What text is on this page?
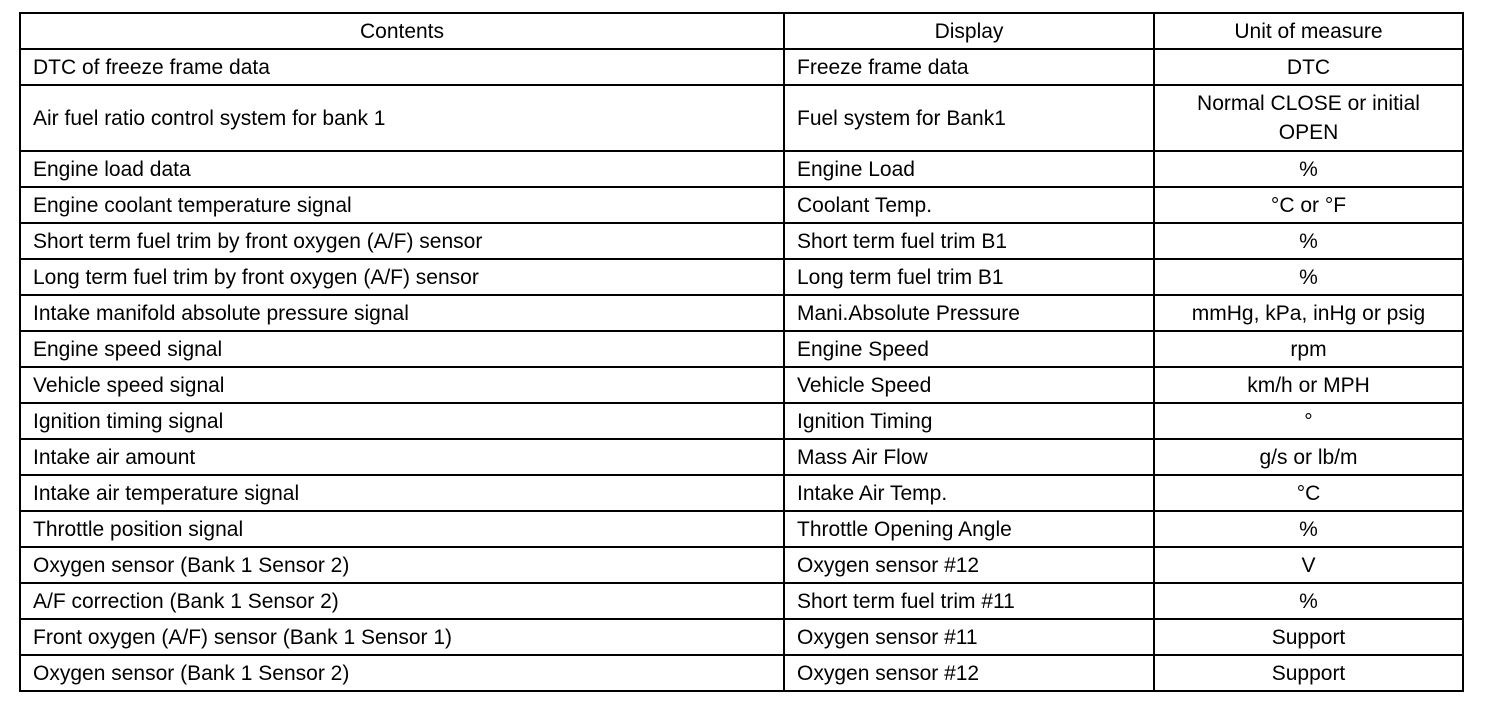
Contents	Display	Unit of measure
DTC of freeze frame data	Freeze frame data	DTC
Air fuel ratio control system for bank 1	Fuel system for Bank1	Normal CLOSE or initial OPEN
Engine load data	Engine Load	%
Engine coolant temperature signal	Coolant Temp.	°C or °F
Short term fuel trim by front oxygen (A/F) sensor	Short term fuel trim B1	%
Long term fuel trim by front oxygen (A/F) sensor	Long term fuel trim B1	%
Intake manifold absolute pressure signal	Mani.Absolute Pressure	mmHg, kPa, inHg or psig
Engine speed signal	Engine Speed	rpm
Vehicle speed signal	Vehicle Speed	km/h or MPH
Ignition timing signal	Ignition Timing	°
Intake air amount	Mass Air Flow	g/s or lb/m
Intake air temperature signal	Intake Air Temp.	°C
Throttle position signal	Throttle Opening Angle	%
Oxygen sensor (Bank 1 Sensor 2)	Oxygen sensor #12	V
A/F correction (Bank 1 Sensor 2)	Short term fuel trim #11	%
Front oxygen (A/F) sensor (Bank 1 Sensor 1)	Oxygen sensor #11	Support
Oxygen sensor (Bank 1 Sensor 2)	Oxygen sensor #12	Support
